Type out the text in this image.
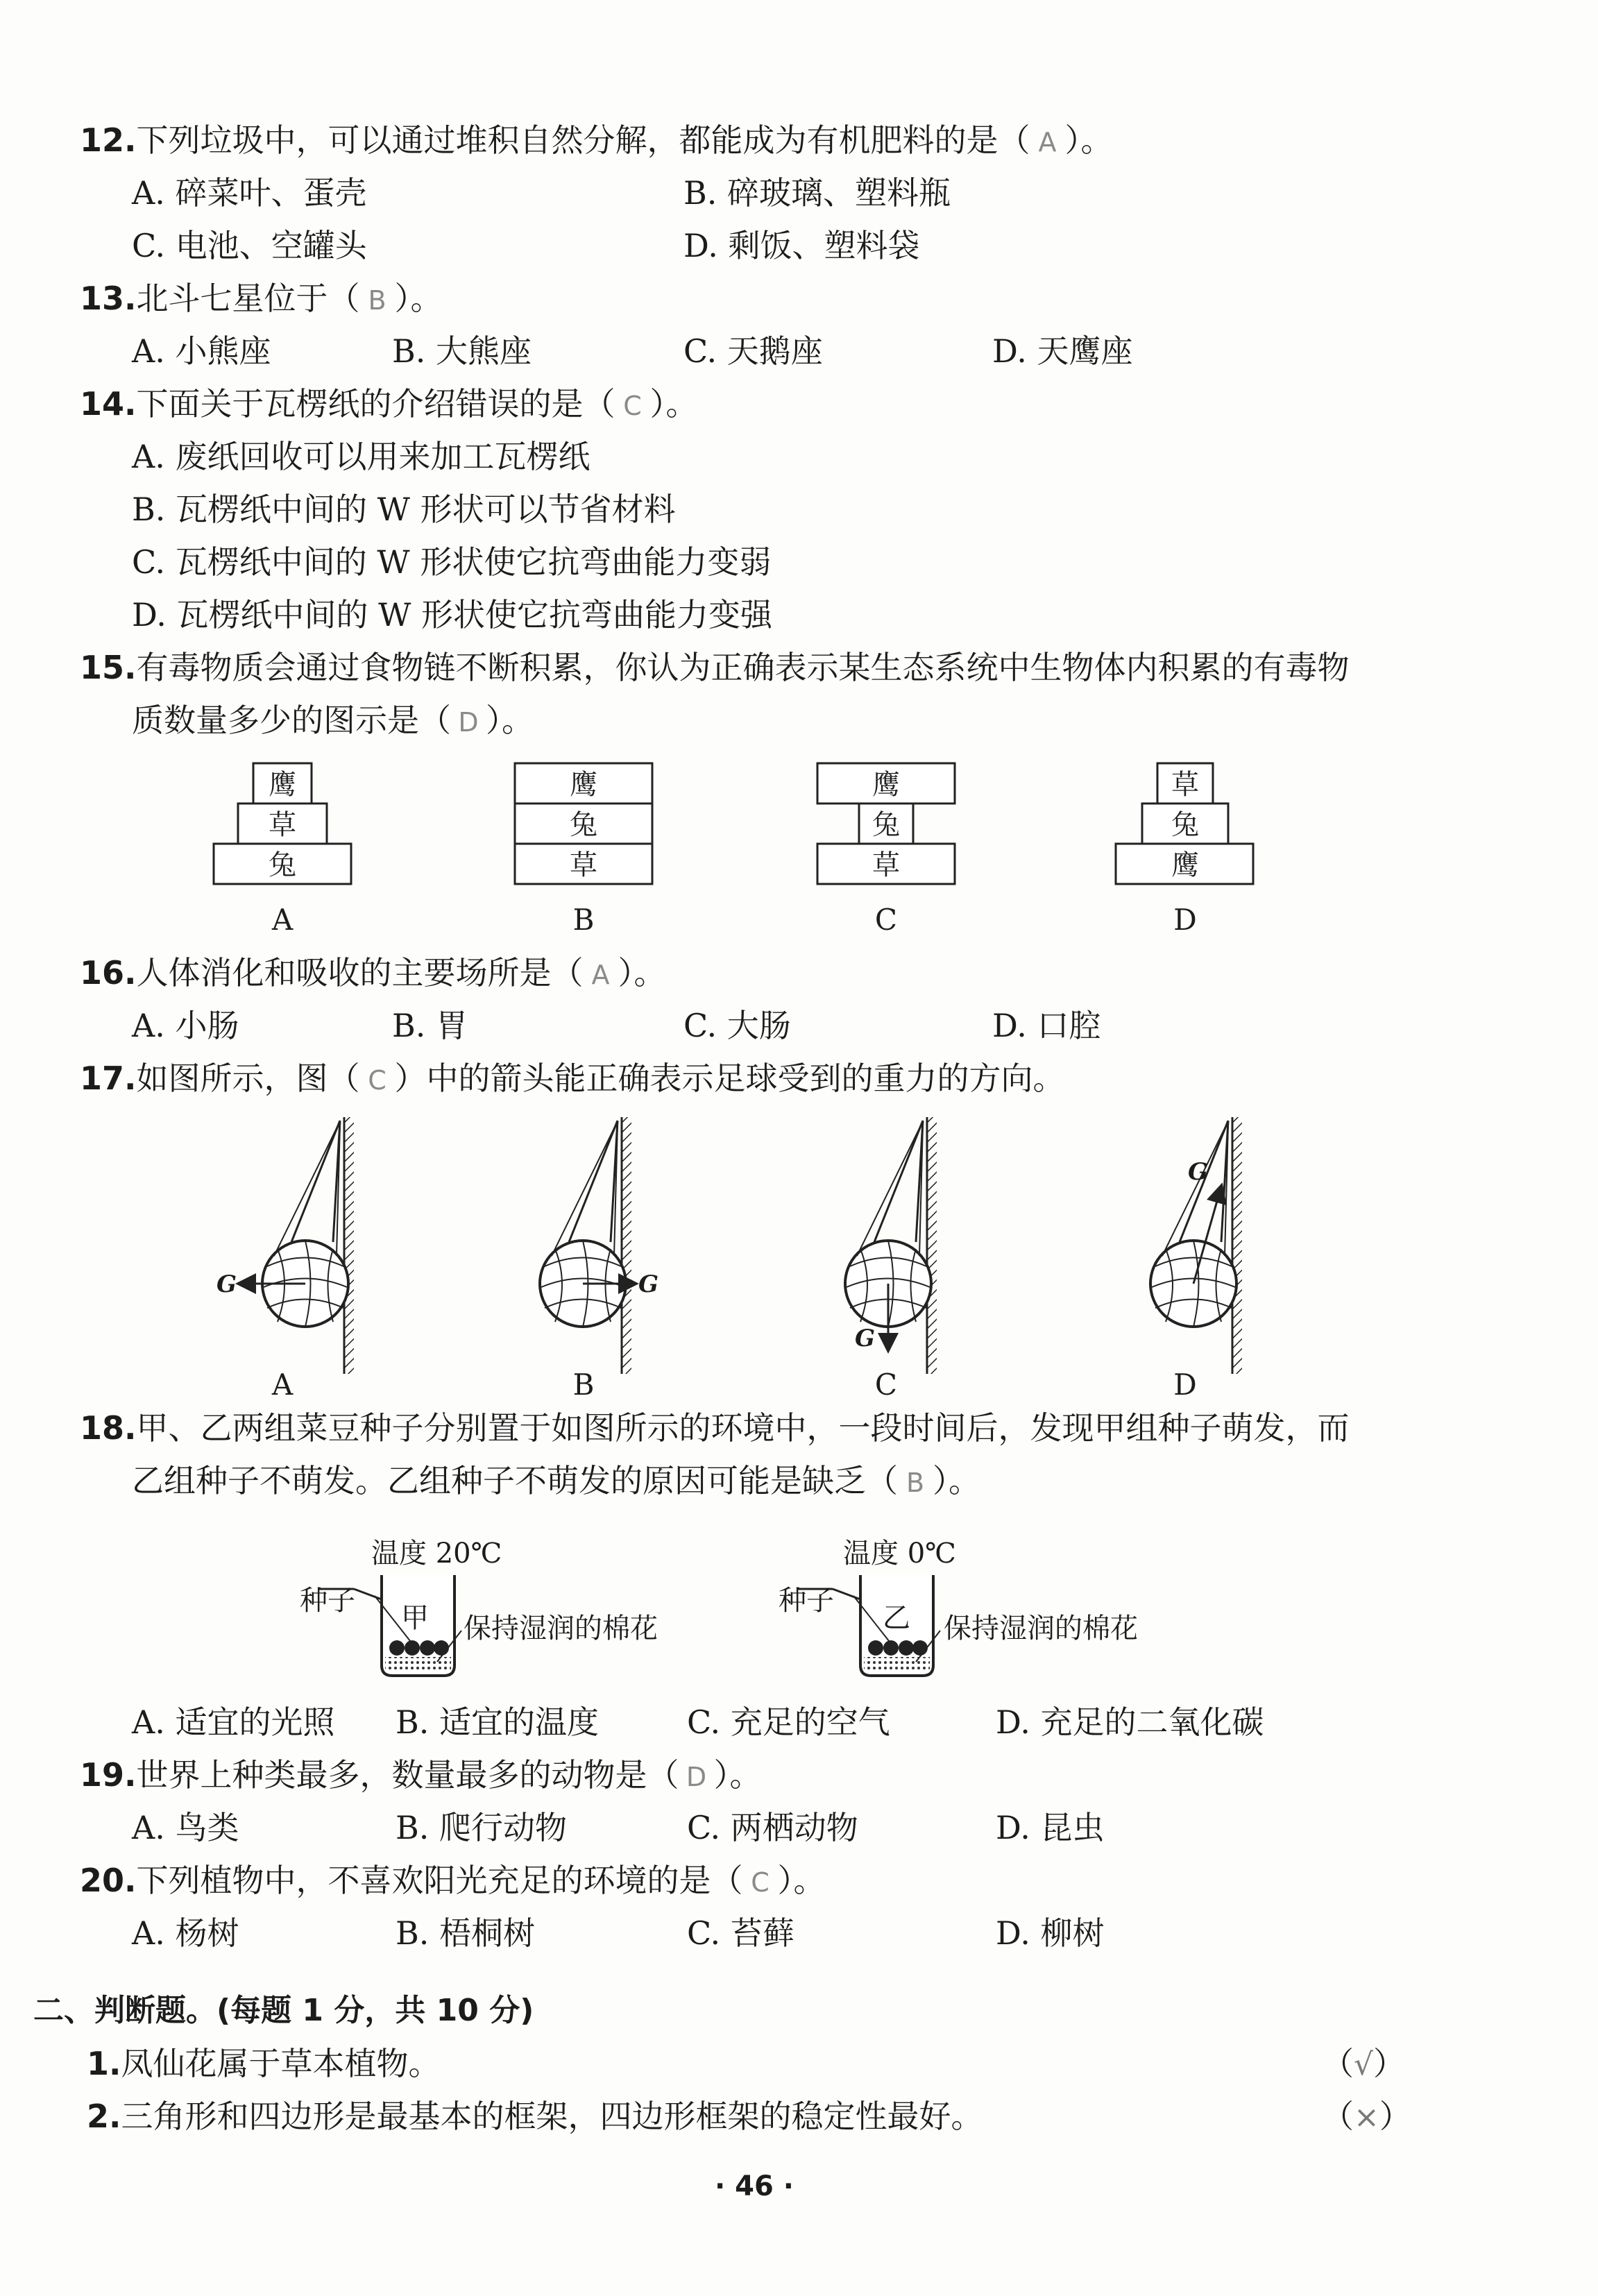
12.下列垃圾中，可以通过堆积自然分解，都能成为有机肥料的是（ A ）。
A. 碎菜叶、蛋壳	B. 碎玻璃、塑料瓶
C. 电池、空罐头	D. 剩饭、塑料袋
13.北斗七星位于（ B ）。
A. 小熊座	B. 大熊座	C. 天鹅座	D. 天鹰座
14.下面关于瓦楞纸的介绍错误的是（ C ）。
A. 废纸回收可以用来加工瓦楞纸
B. 瓦楞纸中间的 W 形状可以节省材料
C. 瓦楞纸中间的 W 形状使它抗弯曲能力变弱
D. 瓦楞纸中间的 W 形状使它抗弯曲能力变强
15.有毒物质会通过食物链不断积累，你认为正确表示某生态系统中生物体内积累的有毒物
质数量多少的图示是（ D ）。
鹰
草
兔
鹰
兔
草
鹰
兔
草
草
兔
鹰
A	B	C	D
16.人体消化和吸收的主要场所是（ A ）。
A. 小肠	B. 胃	C. 大肠	D. 口腔
17.如图所示，图（ C ）中的箭头能正确表示足球受到的重力的方向。
G	G
G
G
A	B	C	D
18.甲、乙两组菜豆种子分别置于如图所示的环境中，一段时间后，发现甲组种子萌发，而
乙组种子不萌发。乙组种子不萌发的原因可能是缺乏（ B ）。
温度 20℃
种子
甲 保持湿润的棉花
温度 0℃
种子
乙 保持湿润的棉花
A. 适宜的光照 B. 适宜的温度	C. 充足的空气	D. 充足的二氧化碳
19.世界上种类最多，数量最多的动物是（ D ）。
A. 鸟类	B. 爬行动物	C. 两栖动物	D. 昆虫
20.下列植物中，不喜欢阳光充足的环境的是（ C ）。
A. 杨树	B. 梧桐树	C. 苔藓	D. 柳树
二、判断题。(每题 1 分，共 10 分)
1.凤仙花属于草本植物。	（√）
2.三角形和四边形是最基本的框架，四边形框架的稳定性最好。	（×）
· 46 ·
